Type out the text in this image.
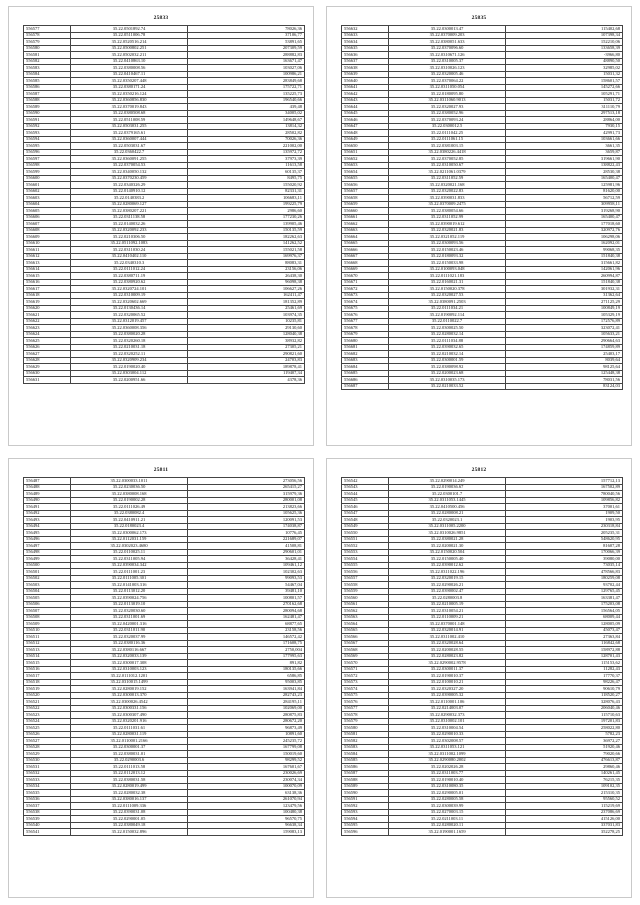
25833
556577	35.22.0501892.74	78026,36
556578	35.22.0511006.78	37106,77
556579	35.22.0520516.214	53891,65
556580	35.22.0500802.251	207309,59
556581	35.22.0502032.211	288882,83
556582	35.22.0410863.10	163671,47
556583	35.22.0380008.56	103027,06
556584	35.22.0410467.11	100986,21
556585	35.22.0350207.448	283849,68
556586	35.22.0380171.24	175722,71
556587	35.22.0350216.124	135225,73
556588	35.22.0360856.830	196540,66
556589	35.22.0370019.843	439,48
556590	35.22.0380508.68	34005,02
556591	35.22.0511008.59	149648,67
556592	35.22.0503031.255	13814,32
556593	35.22.0379165.61	28502,82
556594	35.22.0360007.444	70026,36
556595	35.22.0503031.67	221002,00
556596	35.22.0360422.7	135972,72
556597	35.22.0360091.255	37973,39
556598	35.22.0370054.53	11613,58
556599	35.22.0340050.132	60135,37
556600	35.22.0370230.459	8495,75
556601	35.22.0340326.29	155020,92
556602	35.22.0140910.12	82331,31
556603	35.22.0140383.2	106683,11
556604	35.22.0280069.127	199225,79
556605	35.22.0380207.221	2986,60
556606	35.22.0311138.58	177230,26
556607	35.22.0140032.26	139905,46
556608	35.22.0320092.233	150135,59
556609	35.22.0210306.50	182262,63
556610	35.22.0511092.1083	141262,52
556611	35.22.0311030.24	155021,58
556612	35.22.0410402.110	169976,37
556613	35.22.0340310.3	88083,31
556614	35.22.0111012.24	23156,06
556615	35.22.0380711.19	26438,30
556616	35.22.0380920.62	96098,38
556617	35.22.0320724.101	106627,26
556618	35.22.0310009.19	162411,47
556619	35.22.0320602.669	181352,89
556620	35.22.0130436.14	25461,69
556621	35.22.0320065.52	103974,35
556622	35.22.0312019.457	10235,81
556623	35.22.0360008.356	29130,60
556624	35.22.0380020.28	128040,38
556625	35.22.0320260.18	38932,82
556626	35.22.0210031.18	27305,21
556627	35.22.0320252.11	290821,60
556628	35.22.0320909.234	24703,83
556629	35.22.0190020.40	189878,41
556630	35.22.0303004.112	119407,34
556631	35.22.0200951.66	4378,36
25835
556632	35.22.0300013.47	115402,68
556633	35.22.0370009.203	107398,34
556634	35.22.0380051.633	152210,06
556635	35.22.0370096.60	133658,39
556636	35.22.0310671.126	-3966,80
556637	35.22.0310005.37	48890,50
556638	35.22.0310026.123	32985,02
556639	35.22.0320005.46	15031,32
556640	35.22.0370064.22	158601,57
556641	35.22.0311050.054	145272,66
556642	35.22.0180095.80	105291,71
556643	35.22.0311060.9013	15031,72
556644	35.22.0320027.93	311110,79
556645	35.22.0380052.96	297513,18
556646	35.22.0370093.24	28864,00
556647	35.22.0300012.5	7930,15
556648	35.22.0111042.25	42991,73
556649	35.22.0111061.15	103661,66
556650	35.22.0381003.15	3661,35
556651	35.22.0380226.4418	3659,87
556652	35.22.0370052.85	319661,90
556653	35.22.0310050.67	138822,43
556654	35.22.0211061.0379	28530,38
556655	35.22.0311052.59	165400,47
556656	35.22.0320021.168	125981,96
556657	35.22.0320022.83	81620,00
556658	35.22.0390031.833	56712,59
556659	35.22.0370009.2475	309958,11
556660	35.22.0380054.66	319268,90
556661	35.22.0311052.99	165400,47
556662	35.22.0390019.612	177018,60
556663	35.22.0320021.83	320972,76
556664	35.22.0321052.119	106298,06
556665	35.22.0300093.56	162092,01
556666	35.22.0150023.46	99068,35
556667	35.22.0180093.32	151840,38
556668	35.22.0150033.98	315661,82
556669	35.22.0100093.048	142061,96
556670	35.22.0111021.183	260994,87
556671	35.22.0160021.31	151840,38
556672	35.22.0150020.378	301932,31
556673	35.22.0320027.53	31362,64
556674	35.22.0380091.2503	271125,29
556675	35.22.0111034.21	100849,19
556676	35.22.0190092.114	105329,19
556677	35.22.0110022.7	172576,89
556678	35.22.0300025.50	323072,41
556679	35.22.0280032.14	105633,21
556680	35.22.0111034.88	290664,63
556681	35.22.0390032.65	174859,89
556682	35.22.0210032.14	25403,17
556683	35.22.0300001.59	8039,64
556684	35.22.0380098.92	98125,64
556685	35.22.0200023.68	125448,38
556686	35.22.0310035.173	78031,56
556687	35.22.0210033.52	83124,03
25811
556487	35.22.0300033.1011	273056,56
556488	35.22.0230036.50	265415,27
556489	35.22.0380008.168	315979,36
556490	35.22.0190002.28	280001,08
556491	35.22.0111026.49	213823,66
556492	35.22.0380082.4	105625,36
556493	35.22.0410911.21	120091,53
556494	35.22.0180023.4	174038,87
556495	35.22.0300062.173	10776,45
556496	35.22.0112031.159	221689,07
556497	35.22.0302023.4680	41508,81
556498	35.22.0110025.11	290601,01
556499	35.22.0311005.94	36428,41
556500	35.22.0390034.342	109461,12
556501	35.22.0111001.23	102302,63
556502	35.22.0111005.301	99093,53
556503	35.22.0141003.316	54467,04
556504	35.22.0113012.20	39481,10
556505	35.22.0390024.756	100801,57
556506	35.22.0113019.10	270162,68
556507	35.22.0320030.60	280094,68
556508	35.22.0311001.69	162481,47
556509	35.22.0420001.316	68877,65
556510	35.22.0311011.90	23158,56
556511	35.22.0320037.99	146572,42
556512	35.22.0380116.36	171608,75
556513	35.22.0380116.667	2750,004
556514	35.22.0320033.139	177995,63
556515	35.22.0300017.308	891,82
556516	35.22.0310003.123	180135,66
556517	35.22.0111012.1201	6586,85
556518	35.22.0310015.1499	95003,85
556519	35.22.0280019.152	163941,84
556520	35.22.0300013.370	282743,23
556521	35.22.0300026.4542	284195,11
556522	35.22.0300331.156	102069,00
556523	35.22.0300307.490	280875,83
556524	35.22.0320201.916	280672,20
556525	35.22.0111031.61	96873,49
556526	35.22.0280031.119	10891,60
556527	35.22.0110001.2166	245235,72
556528	35.22.0300001.37	167799,08
556529	35.22.0380031.01	150019,60
556530	35.22.0290003.6	98299,52
556531	35.22.0111013.58	167601,67
556532	35.22.0112013.12	230026,69
556533	35.22.0380031.58	230074,34
556534	35.22.0280019.499	100070,09
556535	35.22.0280032.38	63138,36
556536	35.22.0380016.137	261070,94
556537	35.22.0111009.336	123479,56
556538	35.22.0390031.08	100480,38
556539	35.22.0290001.05	96570,75
556540	35.22.0380049.18	96638,34
556541	35.22.0150032.896	159083,13
25812
556542	35.22.0290014.249	157712,13
556543	35.22.0190036.67	167502,89
556544	35.22.0300101.7	780040,56
556545	35.22.0311053.1445	109856,82
556546	35.22.0410500.456	37001,61
556547	35.22.0280008.21	1909,50
556548	35.22.0320023.1	1903,95
556549	35.22.0311005.2200	230318,84
556550	35.22.0310026.9851	205235,31
556551	35.22.0380021.28	548620,95
556552	35.22.0200021.30	81607,28
556553	35.22.0150020.504	170066,39
556554	35.22.0150005.40	39080,00
556555	35.22.0390012.62	73035,14
556556	35.22.0311022.196	478566,83
556557	35.22.0320019.15	180259,08
556558	35.22.0290026.21	93702,44
556559	35.22.0390002.47	129765,45
556560	35.22.0280003.8	163381,47
556561	35.22.0210005.19	175203,08
556562	35.22.0310054.21	156564,05
556563	35.22.0110009.21	68009,44
556564	35.22.0370001.148	128005,09
556565	35.22.0320014.91	45073,47
556566	35.22.0311002.410	27363,84
556567	35.22.0320028.64	116842,68
556568	35.22.0200028.55	158972,88
556569	35.22.0280023.82	128701,43
556570	35.22.0290002.9578	115153,62
556571	35.22.0300011.37	11282,43
556572	35.22.0190010.37	17770,37
556573	35.22.0100010.21	98226,47
556574	35.22.0320327.20	90610,79
556575	35.22.0390005.32	118520,27
556576	35.22.0110001.106	328076,43
556577	35.22.0214003.07	206040,46
556578	35.22.0290032.373	115710,63
556579	35.22.0310002.101	197201,83
556580	35.22.0310004.54	258022,80
556581	35.22.0290010.33	5782,23
556582	35.22.0302008.57	36972,27
556583	35.22.0311053.121	51920,46
556584	35.22.0311002.1099	79020,66
556585	35.22.0290080.2002	476613,87
556586	35.22.0202026.28	29860,46
556587	35.22.0311003.77	140261,45
556588	35.22.0190010.40	76215,35
556589	35.22.0310080.35	109102,35
556590	35.22.0290005.01	215310,35
556591	35.22.0280005.58	95560,52
556592	35.22.0300039.99	115219,69
556593	35.22.0270003.15	237086,69
556594	35.22.0211003.11	415126,00
556595	35.22.0280020.11	337031,83
556596	35.22.0190001.1659	352278,25
